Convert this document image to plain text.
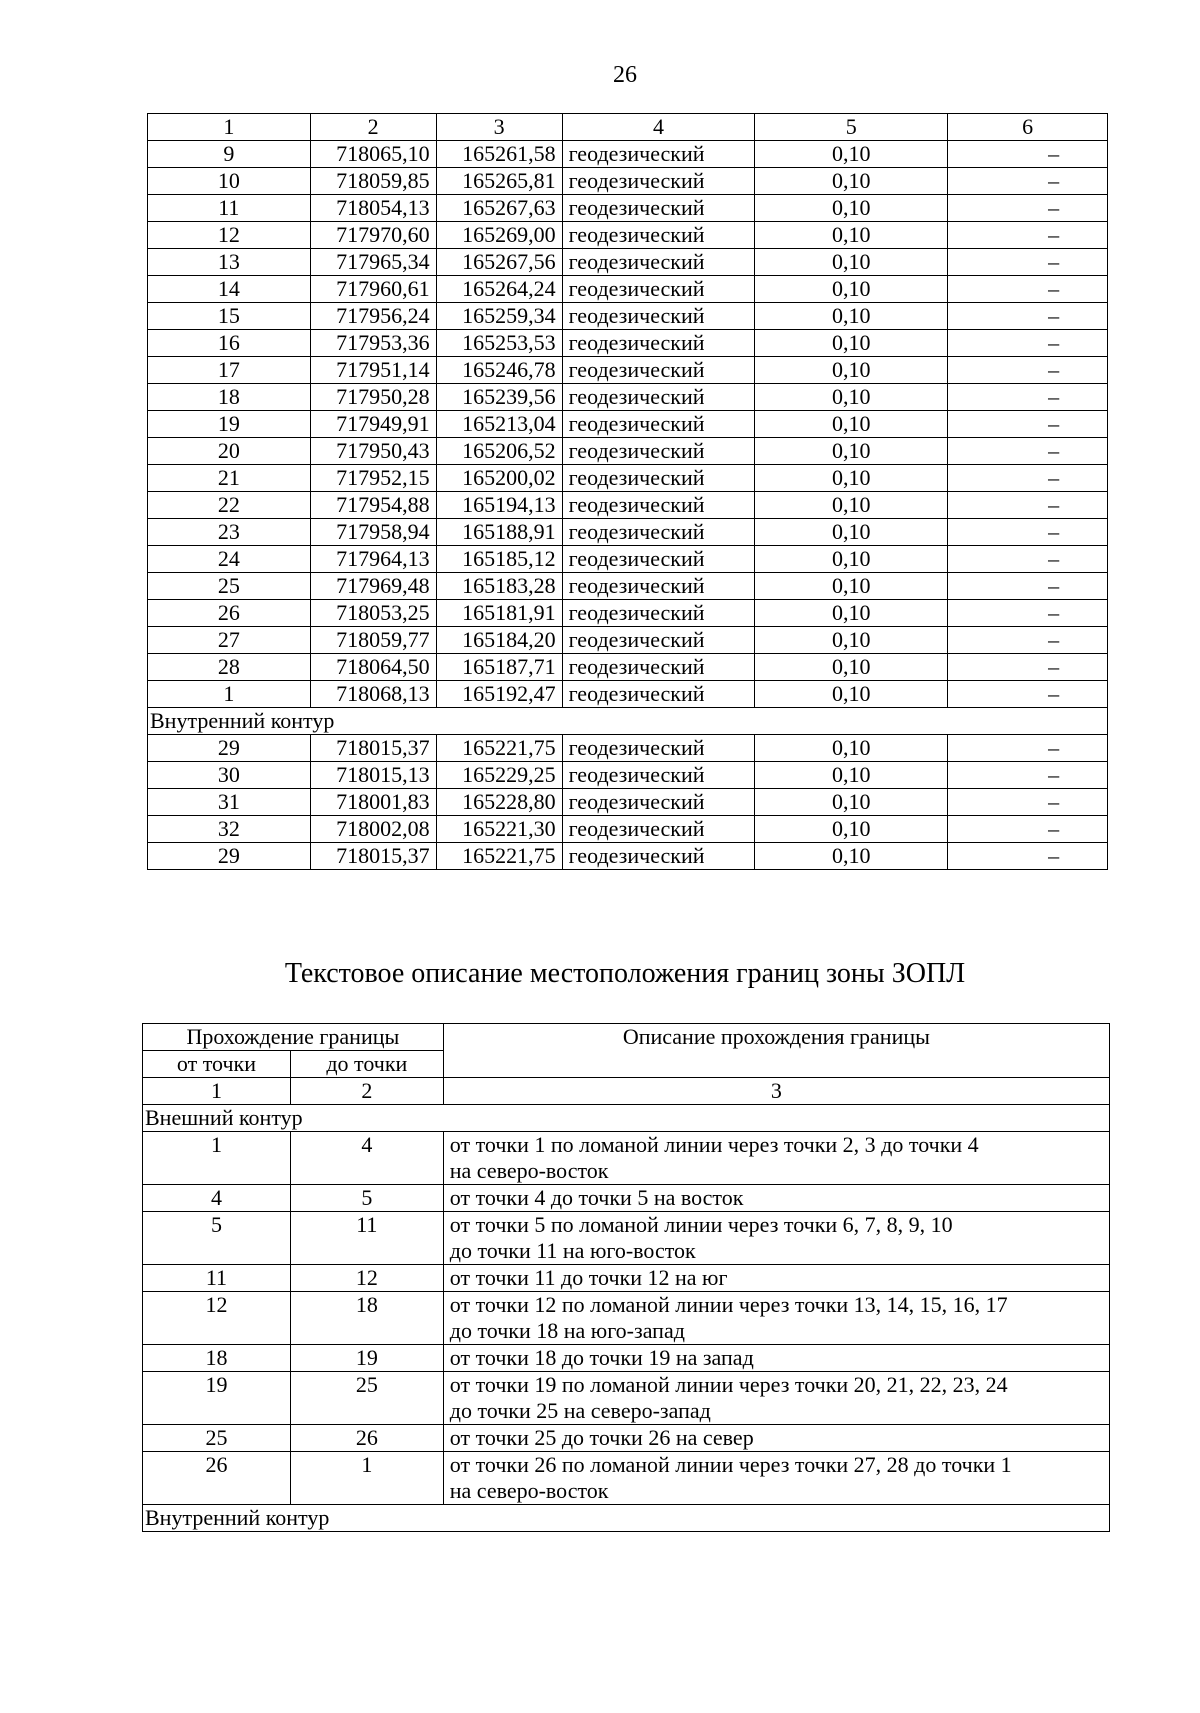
26
1	2	3	4	5	6
9	718065,10	165261,58	геодезический	0,10	–
10	718059,85	165265,81	геодезический	0,10	–
11	718054,13	165267,63	геодезический	0,10	–
12	717970,60	165269,00	геодезический	0,10	–
13	717965,34	165267,56	геодезический	0,10	–
14	717960,61	165264,24	геодезический	0,10	–
15	717956,24	165259,34	геодезический	0,10	–
16	717953,36	165253,53	геодезический	0,10	–
17	717951,14	165246,78	геодезический	0,10	–
18	717950,28	165239,56	геодезический	0,10	–
19	717949,91	165213,04	геодезический	0,10	–
20	717950,43	165206,52	геодезический	0,10	–
21	717952,15	165200,02	геодезический	0,10	–
22	717954,88	165194,13	геодезический	0,10	–
23	717958,94	165188,91	геодезический	0,10	–
24	717964,13	165185,12	геодезический	0,10	–
25	717969,48	165183,28	геодезический	0,10	–
26	718053,25	165181,91	геодезический	0,10	–
27	718059,77	165184,20	геодезический	0,10	–
28	718064,50	165187,71	геодезический	0,10	–
1	718068,13	165192,47	геодезический	0,10	–
Внутренний контур					
29	718015,37	165221,75	геодезический	0,10	–
30	718015,13	165229,25	геодезический	0,10	–
31	718001,83	165228,80	геодезический	0,10	–
32	718002,08	165221,30	геодезический	0,10	–
29	718015,37	165221,75	геодезический	0,10	–
Текстовое описание местоположения границ зоны ЗОПЛ
Прохождение границы		Описание прохождения границы
от точки	до точки	
1	2	3
Внешний контур		
1	4	от точки 1 по ломаной линии через точки 2, 3 до точки 4
на северо-восток

4	5	от точки 4 до точки 5 на восток

5	11	от точки 5 по ломаной линии через точки 6, 7, 8, 9, 10
до точки 11 на юго-восток

11	12	от точки 11 до точки 12 на юг

12	18	от точки 12 по ломаной линии через точки 13, 14, 15, 16, 17
до точки 18 на юго-запад

18	19	от точки 18 до точки 19 на запад

19	25	от точки 19 по ломаной линии через точки 20, 21, 22, 23, 24
до точки 25 на северо-запад

25	26	от точки 25 до точки 26 на север

26	1	от точки 26 по ломаной линии через точки 27, 28 до точки 1
на северо-восток

Внутренний контур		
